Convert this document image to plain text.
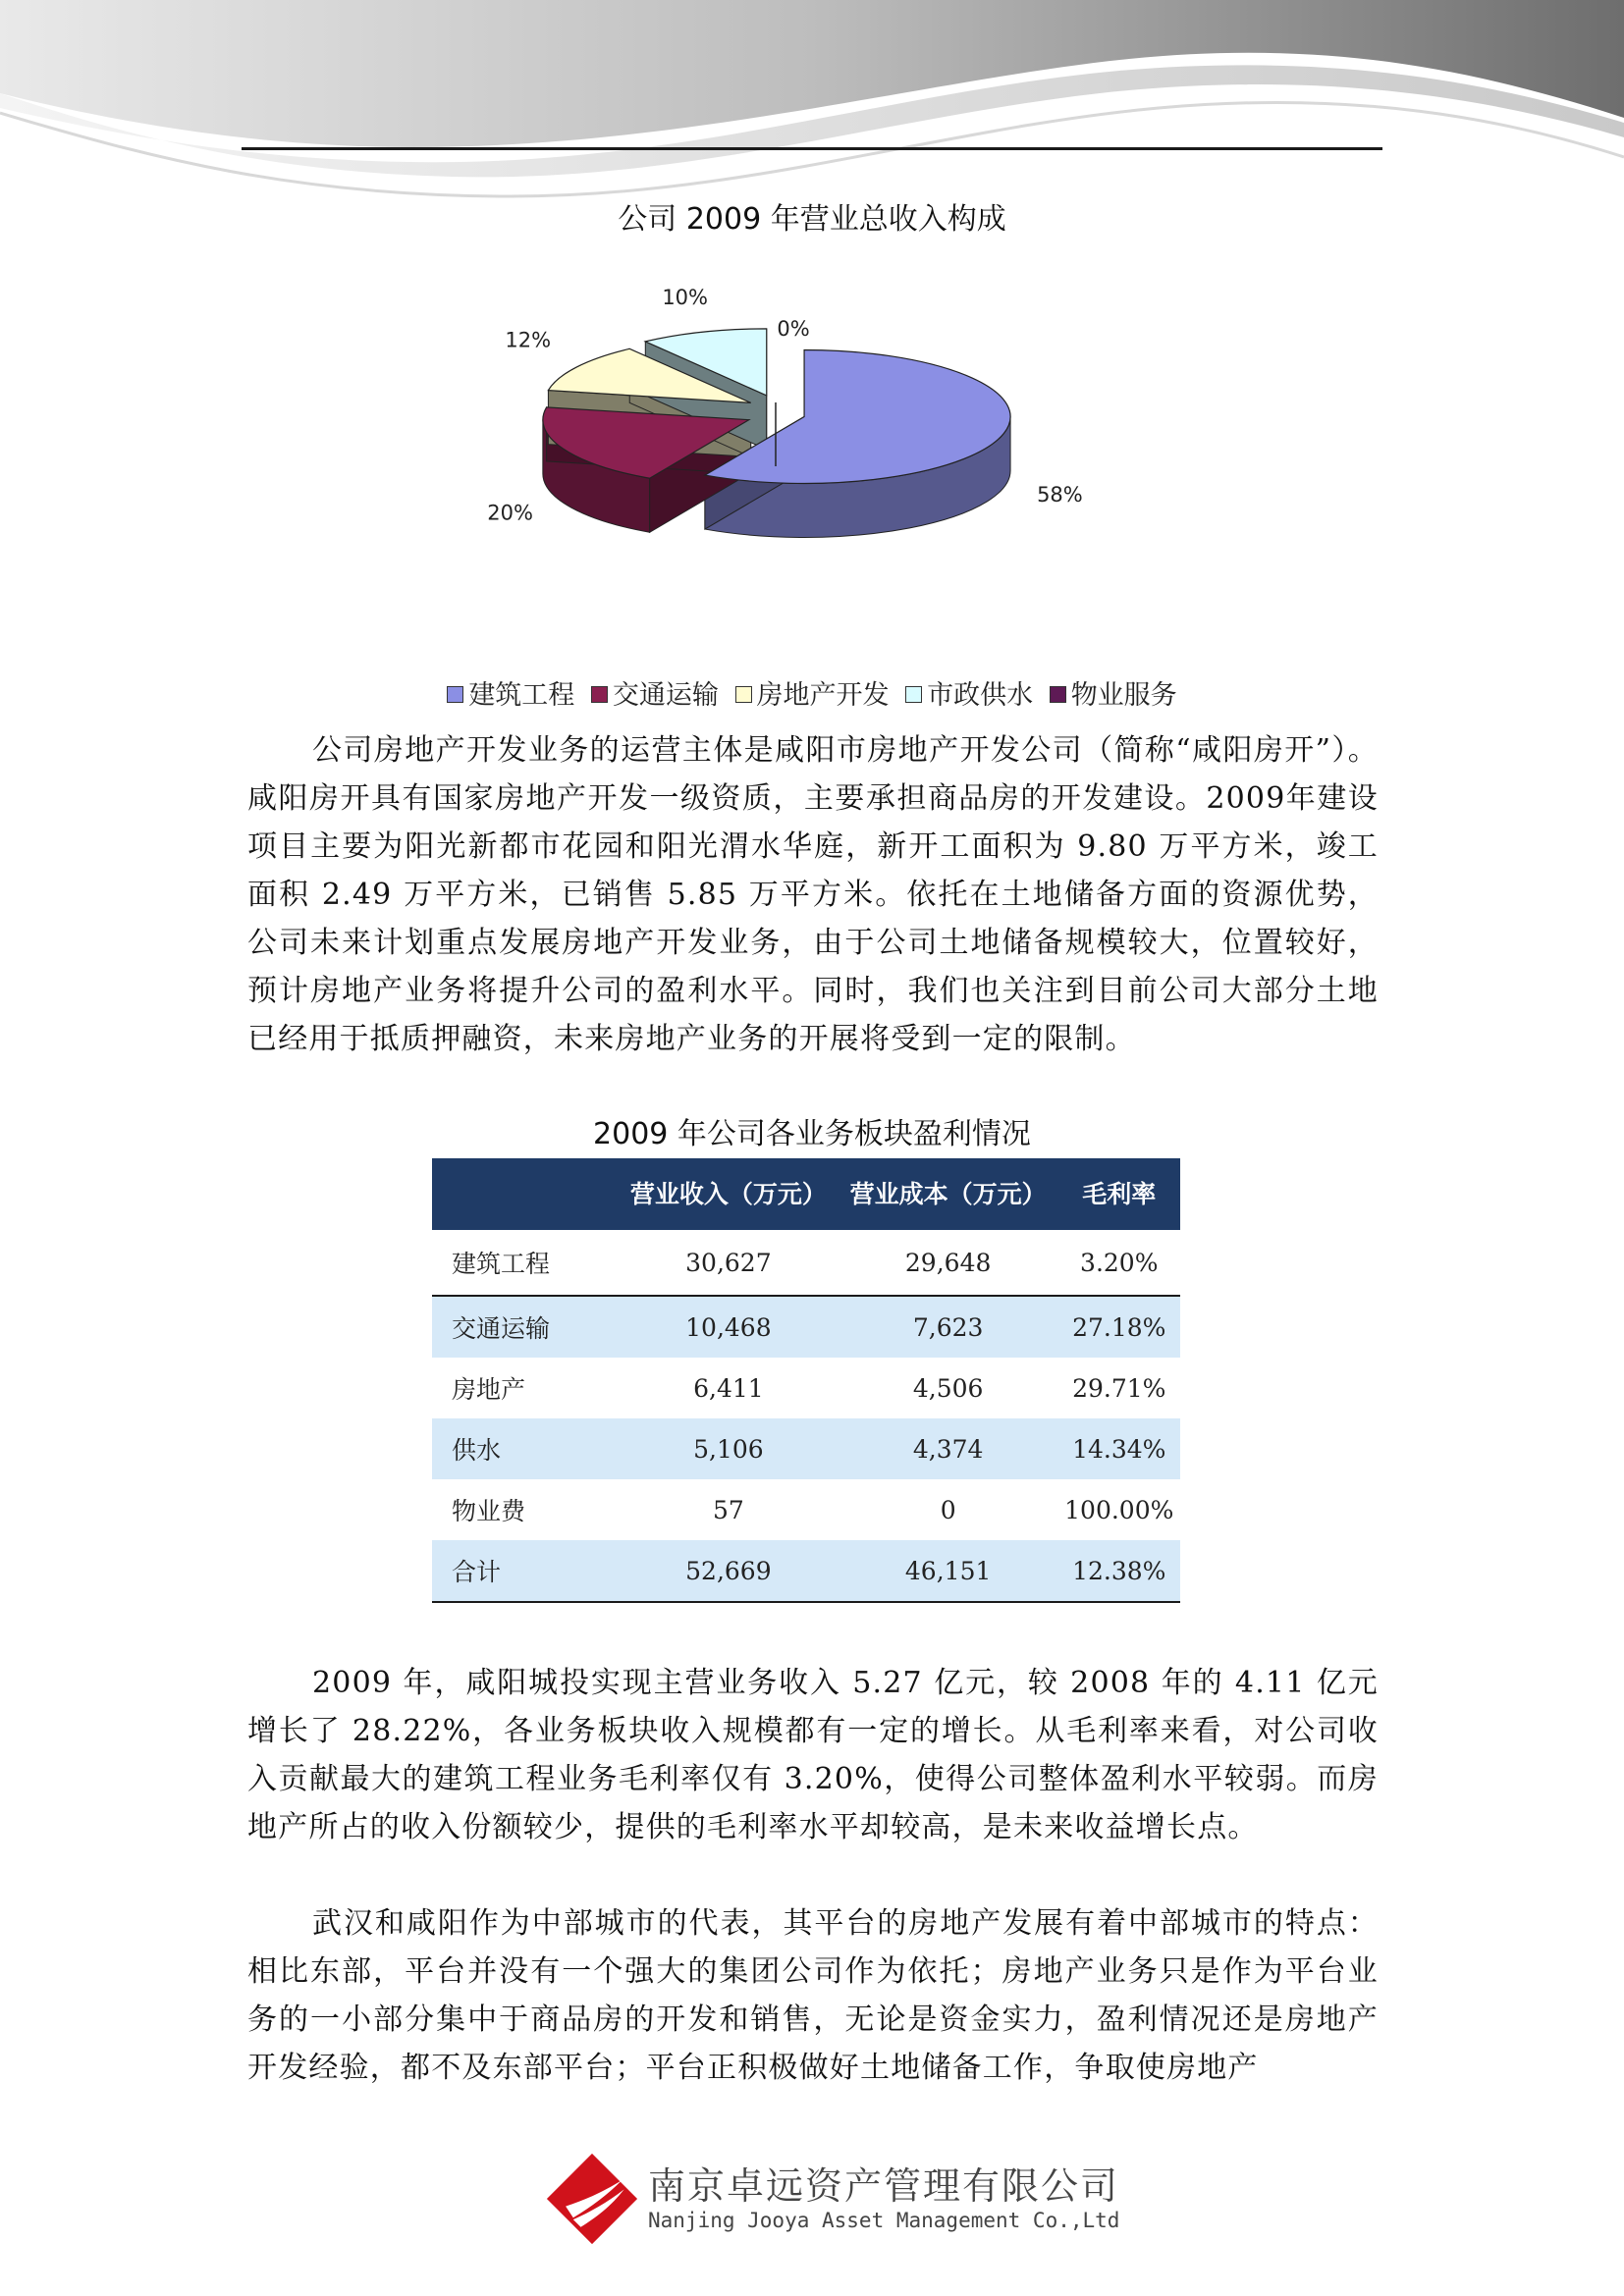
公司 2009 年营业总收入构成
58%
20%
12%
10%
0%
建筑工程 交通运输 房地产开发 市政供水 物业服务

公司房地产开发业务的运营主体是咸阳市房地产开发公司（简称“咸阳房开”）。咸阳房开具有国家房地产开发一级资质，主要承担商品房的开发建设。2009年建设项目主要为阳光新都市花园和阳光渭水华庭，新开工面积为 9.80 万平方米，竣工面积 2.49 万平方米，已销售 5.85 万平方米。依托在土地储备方面的资源优势，公司未来计划重点发展房地产开发业务，由于公司土地储备规模较大，位置较好，预计房地产业务将提升公司的盈利水平。同时，我们也关注到目前公司大部分土地已经用于抵质押融资，未来房地产业务的开展将受到一定的限制。

2009 年公司各业务板块盈利情况
	营业收入（万元）	营业成本（万元）	毛利率
建筑工程	30,627	29,648	3.20%
交通运输	10,468	7,623	27.18%
房地产	6,411	4,506	29.71%
供水	5,106	4,374	14.34%
物业费	57	0	100.00%
合计	52,669	46,151	12.38%

2009 年，咸阳城投实现主营业务收入 5.27 亿元，较 2008 年的 4.11 亿元增长了 28.22%，各业务板块收入规模都有一定的增长。从毛利率来看，对公司收入贡献最大的建筑工程业务毛利率仅有 3.20%，使得公司整体盈利水平较弱。而房地产所占的收入份额较少，提供的毛利率水平却较高，是未来收益增长点。

武汉和咸阳作为中部城市的代表，其平台的房地产发展有着中部城市的特点：相比东部，平台并没有一个强大的集团公司作为依托；房地产业务只是作为平台业务的一小部分集中于商品房的开发和销售，无论是资金实力，盈利情况还是房地产开发经验，都不及东部平台；平台正积极做好土地储备工作，争取使房地产

南京卓远资产管理有限公司
Nanjing Jooya Asset Management Co.,Ltd
